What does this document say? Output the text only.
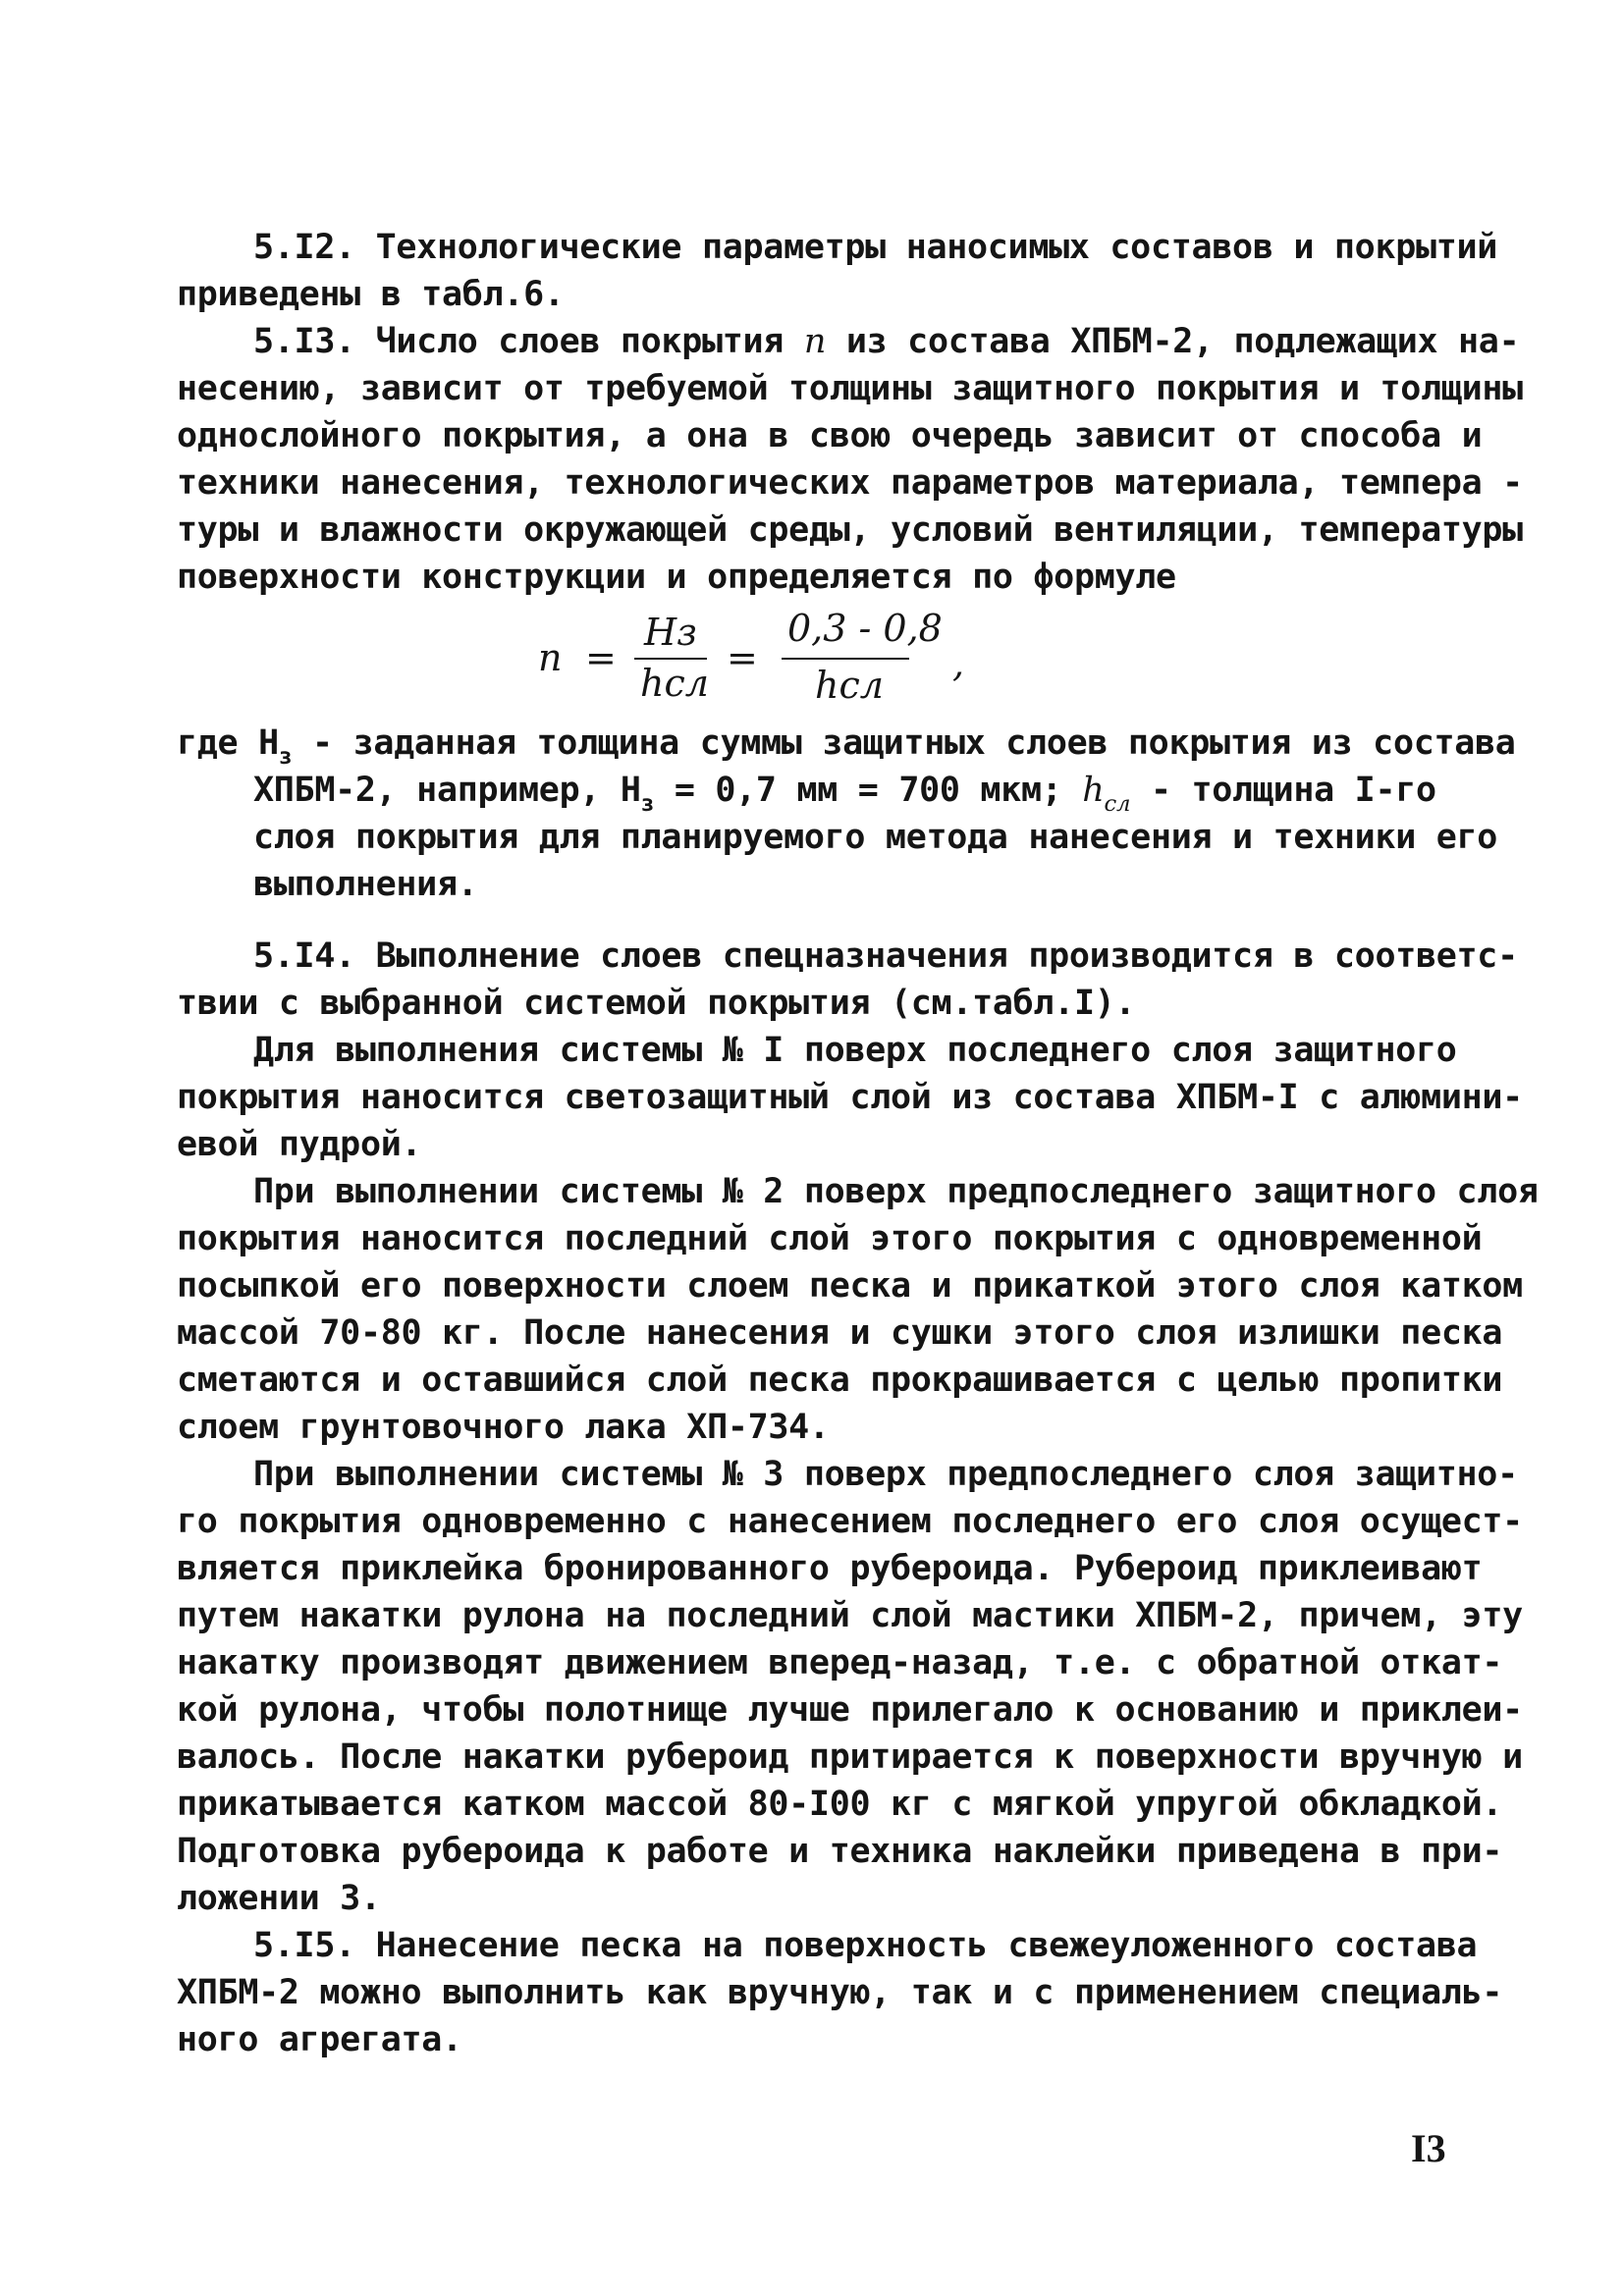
5.I2. Технологические параметры наносимых составов и покрытий
приведены в табл.6.
5.I3. Число слоев покрытия n из состава ХПБМ-2, подлежащих на-
несению, зависит от требуемой толщины защитного покрытия и толщины
однослойного покрытия, а она в свою очередь зависит от способа и
техники нанесения, технологических параметров материала, темпера -
туры и влажности окружающей среды, условий вентиляции, температуры
поверхности конструкции и определяется по формуле
n =
Нз
hсл
=
0,3 - 0,8
hсл ,
где $Н_з$ - заданная толщина суммы защитных слоев покрытия из состава
ХПБМ-2, например, $Н_з = 0,7$ мм = 700 мкм; $h_{сл}$ - толщина I-го
слоя покрытия для планируемого метода нанесения и техники его
выполнения.
5.I4. Выполнение слоев спецназначения производится в соответс-
твии с выбранной системой покрытия (см.табл.I).
Для выполнения системы № I поверх последнего слоя защитного
покрытия наносится светозащитный слой из состава ХПБМ-I с алюмини-
евой пудрой.
При выполнении системы № 2 поверх предпоследнего защитного слоя
покрытия наносится последний слой этого покрытия с одновременной
посыпкой его поверхности слоем песка и прикаткой этого слоя катком
массой 70-80 кг. После нанесения и сушки этого слоя излишки песка
сметаются и оставшийся слой песка прокрашивается с целью пропитки
слоем грунтовочного лака ХП-734.
При выполнении системы № 3 поверх предпоследнего слоя защитно-
го покрытия одновременно с нанесением последнего его слоя осущест-
вляется приклейка бронированного рубероида. Рубероид приклеивают
путем накатки рулона на последний слой мастики ХПБМ-2, причем, эту
накатку производят движением вперед-назад, т.е. с обратной откат-
кой рулона, чтобы полотнище лучше прилегало к основанию и приклеи-
валось. После накатки рубероид притирается к поверхности вручную и
прикатывается катком массой 80-I00 кг с мягкой упругой обкладкой.
Подготовка рубероида к работе и техника наклейки приведена в при-
ложении 3.
5.I5. Нанесение песка на поверхность свежеуложенного состава
ХПБМ-2 можно выполнить как вручную, так и с применением специаль-
ного агрегата.
I3
